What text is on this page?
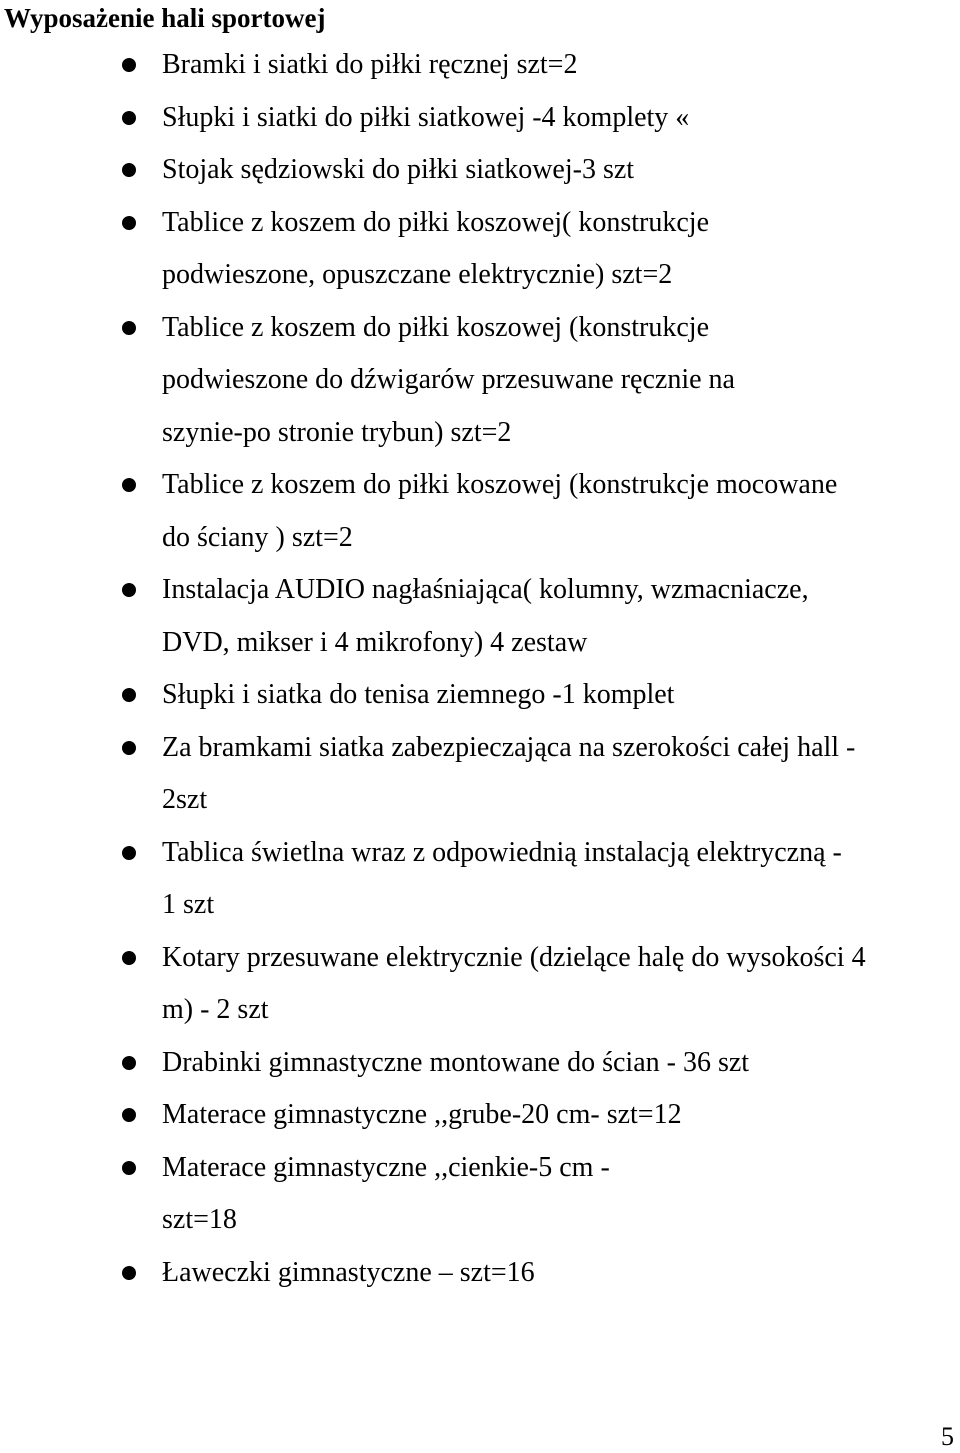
Wyposażenie hali sportowej
Bramki i siatki do piłki ręcznej szt=2
Słupki i siatki do piłki siatkowej -4 komplety «
Stojak sędziowski do piłki siatkowej-3 szt
Tablice z koszem do piłki koszowej( konstrukcje
podwieszone, opuszczane elektrycznie) szt=2
Tablice z koszem do piłki koszowej (konstrukcje
podwieszone do dźwigarów przesuwane ręcznie na
szynie-po stronie trybun) szt=2
Tablice z koszem do piłki koszowej (konstrukcje mocowane
do ściany ) szt=2
Instalacja AUDIO nagłaśniająca( kolumny, wzmacniacze,
DVD, mikser i 4 mikrofony) 4 zestaw
Słupki i siatka do tenisa ziemnego -1 komplet
Za bramkami siatka zabezpieczająca na szerokości całej hall -
2szt
Tablica świetlna wraz z odpowiednią instalacją elektryczną -
1 szt
Kotary przesuwane elektrycznie (dzielące halę do wysokości 4
m) - 2 szt
Drabinki gimnastyczne montowane do ścian - 36 szt
Materace gimnastyczne ,,grube-20 cm- szt=12
Materace gimnastyczne ,,cienkie-5 cm -
szt=18
Ławeczki gimnastyczne – szt=16
5
